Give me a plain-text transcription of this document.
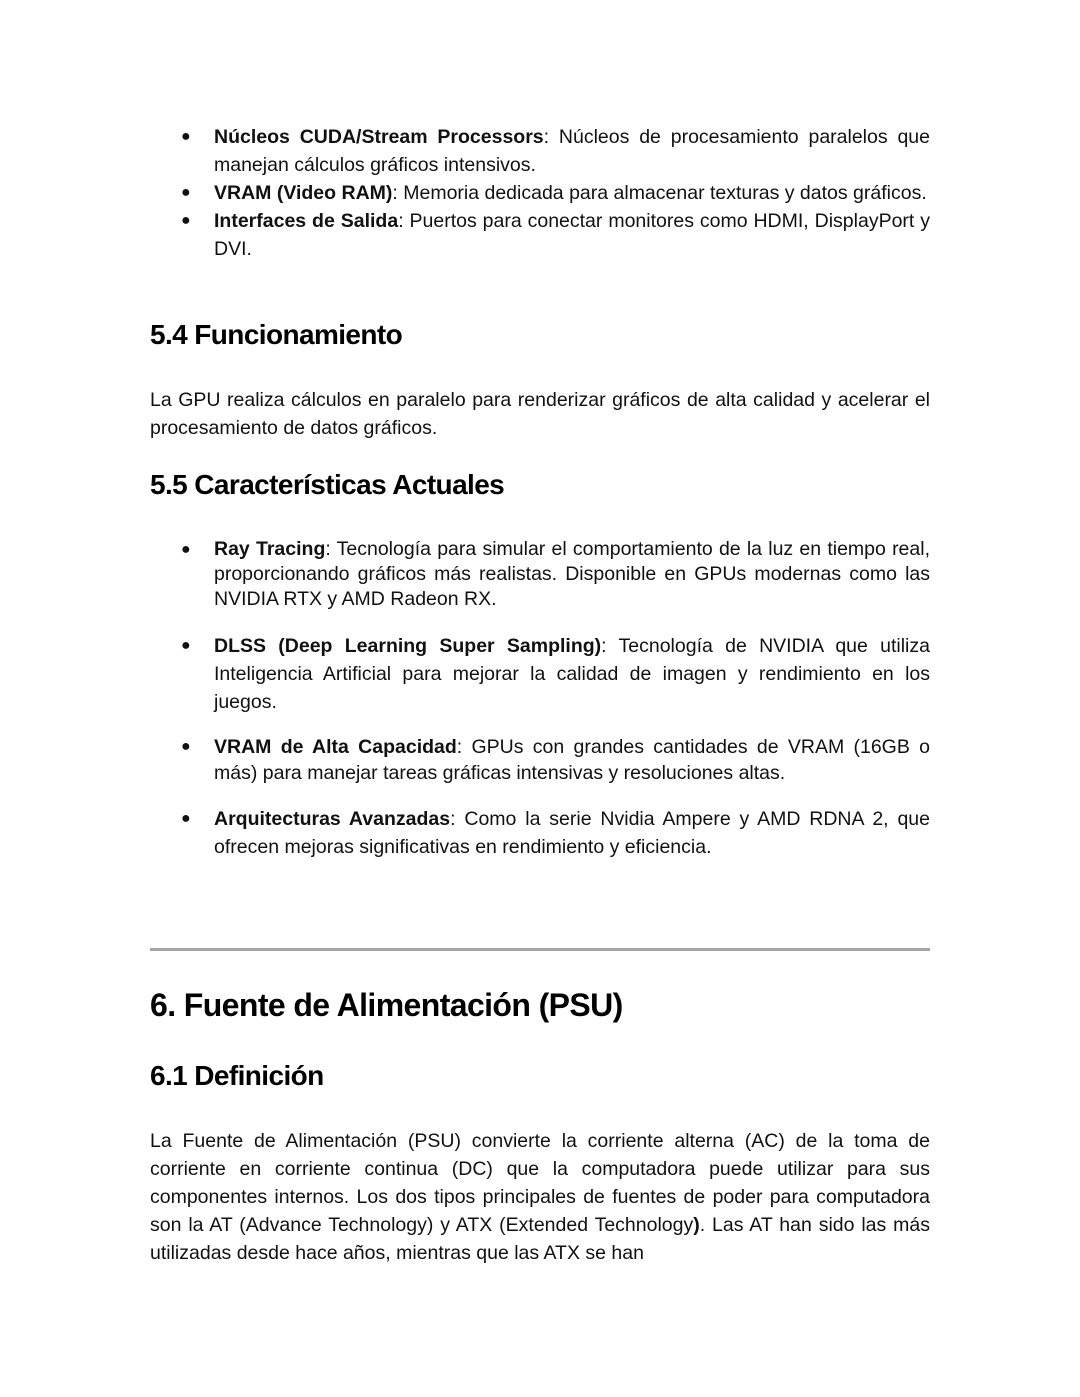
● Núcleos CUDA/Stream Processors: Núcleos de procesamiento paralelos que manejan cálculos gráficos intensivos.
● VRAM (Video RAM): Memoria dedicada para almacenar texturas y datos gráficos.
● Interfaces de Salida: Puertos para conectar monitores como HDMI, DisplayPort y DVI.
5.4 Funcionamiento

La GPU realiza cálculos en paralelo para renderizar gráficos de alta calidad y acelerar el procesamiento de datos gráficos.

5.5 Características Actuales
● Ray Tracing: Tecnología para simular el comportamiento de la luz en tiempo real, proporcionando gráficos más realistas. Disponible en GPUs modernas como las NVIDIA RTX y AMD Radeon RX.
● DLSS (Deep Learning Super Sampling): Tecnología de NVIDIA que utiliza Inteligencia Artificial para mejorar la calidad de imagen y rendimiento en los juegos.
● VRAM de Alta Capacidad: GPUs con grandes cantidades de VRAM (16GB o más) para manejar tareas gráficas intensivas y resoluciones altas.
● Arquitecturas Avanzadas: Como la serie Nvidia Ampere y AMD RDNA 2, que ofrecen mejoras significativas en rendimiento y eficiencia.
6. Fuente de Alimentación (PSU)
6.1 Definición

La Fuente de Alimentación (PSU) convierte la corriente alterna (AC) de la toma de corriente en corriente continua (DC) que la computadora puede utilizar para sus componentes internos. Los dos tipos principales de fuentes de poder para computadora son la AT (Advance Technology) y ATX (Extended Technology). Las AT han sido las más utilizadas desde hace años, mientras que las ATX se han
